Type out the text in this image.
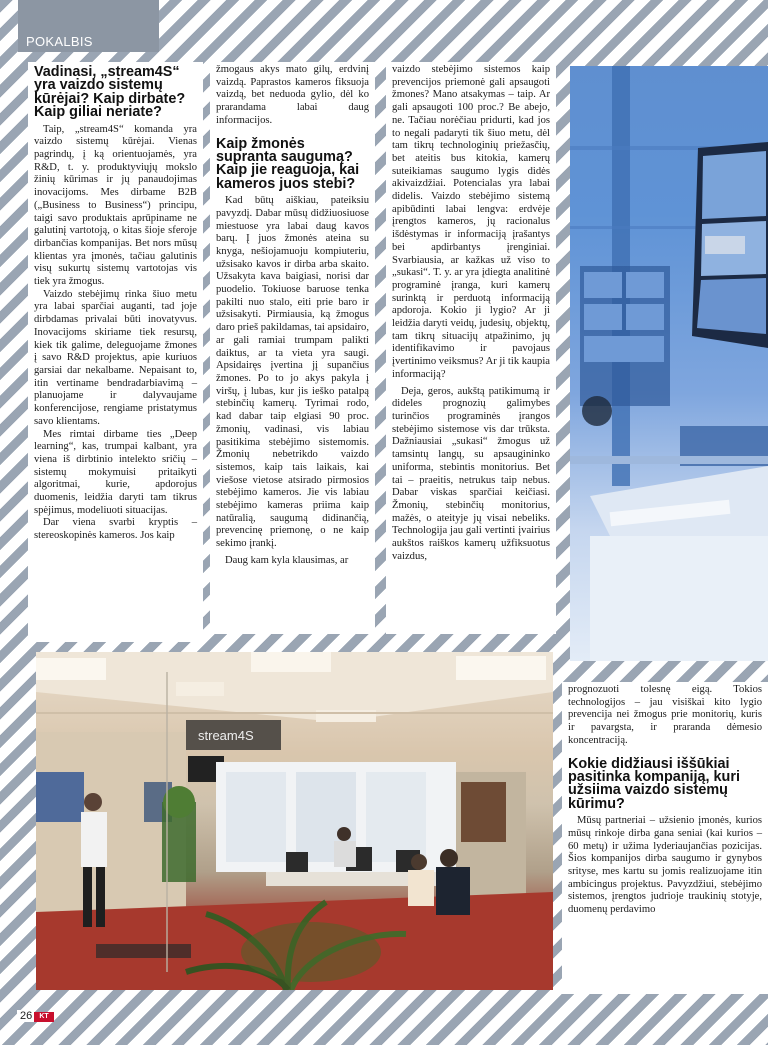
POKALBIS
Vadinasi, „stream4S“ yra vaizdo sistemų kūrėjai? Kaip dirbate? Kaip giliai neriate?

Taip, „stream4S“ komanda yra vaizdo sistemų kūrėjai. Vienas pagrindų, į ką orientuojamės, yra R&D, t. y. produktyviųjų mokslo žinių kūrimas ir jų panaudojimas inovacijoms. Mes dirbame B2B („Business to Business“) principu, taigi savo produktais aprūpiname ne galutinį vartotoją, o kitas šioje sferoje dirbančias kompanijas. Bet nors mūsų klientas yra įmonės, tačiau galutinis visų sukurtų sistemų vartotojas vis tiek yra žmogus.

Vaizdo stebėjimų rinka šiuo metu yra labai sparčiai auganti, tad joje dirbdamas privalai būti inovatyvus. Inovacijoms skiriame tiek resursų, kiek tik galime, deleguojame žmones į savo R&D projektus, apie kuriuos garsiai dar nekalbame. Nepaisant to, itin vertiname bendradarbiavimą – planuojame ir dalyvaujame konferencijose, rengiame pristatymus savo klientams.

Mes rimtai dirbame ties „Deep learning“, kas, trumpai kalbant, yra viena iš dirbtinio intelekto sričių – sistemų mokymuisi pritaikyti algoritmai, kurie, apdorojus duomenis, leidžia daryti tam tikrus spėjimus, modeliuoti situacijas.

Dar viena svarbi kryptis – stereoskopinės kameros. Jos kaip

žmogaus akys mato gilų, erdvinį vaizdą. Paprastos kameros fiksuoja vaizdą, bet neduoda gylio, dėl ko prarandama labai daug informacijos.

Kaip žmonės supranta saugumą? Kaip jie reaguoja, kai kameros juos stebi?

Kad būtų aiškiau, pateiksiu pavyzdį. Dabar mūsų didžiuosiuose miestuose yra labai daug kavos barų. Į juos žmonės ateina su knyga, nešiojamuoju kompiuteriu, užsisako kavos ir dirba arba skaito. Užsakyta kava baigiasi, norisi dar puodelio. Tokiuose baruose tenka pakilti nuo stalo, eiti prie baro ir užsisakyti. Pirmiausia, ką žmogus daro prieš pakildamas, tai apsidairo, ar gali ramiai trumpam palikti daiktus, ar ta vieta yra saugi. Apsidairęs įvertina jį supančius žmones. Po to jo akys pakyla į viršų, į lubas, kur jis ieško patalpą stebinčių kamerų. Tyrimai rodo, kad dabar taip elgiasi 90 proc. žmonių, vadinasi, vis labiau pasitikima stebėjimo sistemomis. Žmonių nebetrikdo vaizdo sistemos, kaip tais laikais, kai viešose vietose atsirado pirmosios stebėjimo kameros. Jie vis labiau stebėjimo kameras priima kaip natūralią, saugumą didinančią, prevencinę priemonę, o ne kaip sekimo įrankį.

Daug kam kyla klausimas, ar

vaizdo stebėjimo sistemos kaip prevencijos priemonė gali apsaugoti žmones? Mano atsakymas – taip. Ar gali apsaugoti 100 proc.? Be abejo, ne. Tačiau norėčiau pridurti, kad jos to negali padaryti tik šiuo metu, dėl tam tikrų technologinių priežasčių, bet ateitis bus kitokia, kamerų suteikiamas saugumo lygis didės akivaizdžiai. Potencialas yra labai didelis. Vaizdo stebėjimo sistemą apibūdinti labai lengva: erdvėje įrengtos kameros, jų racionalus išdėstymas ir informaciją įrašantys bei apdirbantys įrenginiai. Svarbiausia, ar kažkas už viso to „sukasi“. T. y. ar yra įdiegta analitinė programinė įranga, kuri kamerų surinktą ir perduotą informaciją apdoroja. Kokio ji lygio? Ar ji leidžia daryti veidų, judesių, objektų, tam tikrų situacijų atpažinimo, jų identifikavimo ir pavojaus įvertinimo veiksmus? Ar ji tik kaupia informaciją?

Deja, geros, aukštą patikimumą ir dideles prognozių galimybes turinčios programinės įrangos stebėjimo sistemose vis dar trūksta. Dažniausiai „sukasi“ žmogus už tamsintų langų, su apsaugininko uniforma, stebintis monitorius. Bet tai – praeitis, netrukus taip nebus. Dabar viskas sparčiai keičiasi. Žmonių, stebinčių monitorius, mažės, o ateityje jų visai nebeliks. Technologija jau gali vertinti įvairius aukštos raiškos kamerų užfiksuotus vaizdus,

stream4S

prognozuoti tolesnę eigą. Tokios technologijos – jau visiškai kito lygio prevencija nei žmogus prie monitorių, kuris ir pavargsta, ir praranda dėmesio koncentraciją.

Kokie didžiausi iššūkiai pasitinka kompaniją, kuri užsiima vaizdo sistemų kūrimu?

Mūsų partneriai – užsienio įmonės, kurios mūsų rinkoje dirba gana seniai (kai kurios – 60 metų) ir užima lyderiaujančias pozicijas. Šios kompanijos dirba saugumo ir gynybos srityse, mes kartu su jomis realizuojame itin ambicingus projektus. Pavyzdžiui, stebėjimo sistemos, įrengtos judrioje traukinių stotyje, duomenų perdavimo

26	KT
